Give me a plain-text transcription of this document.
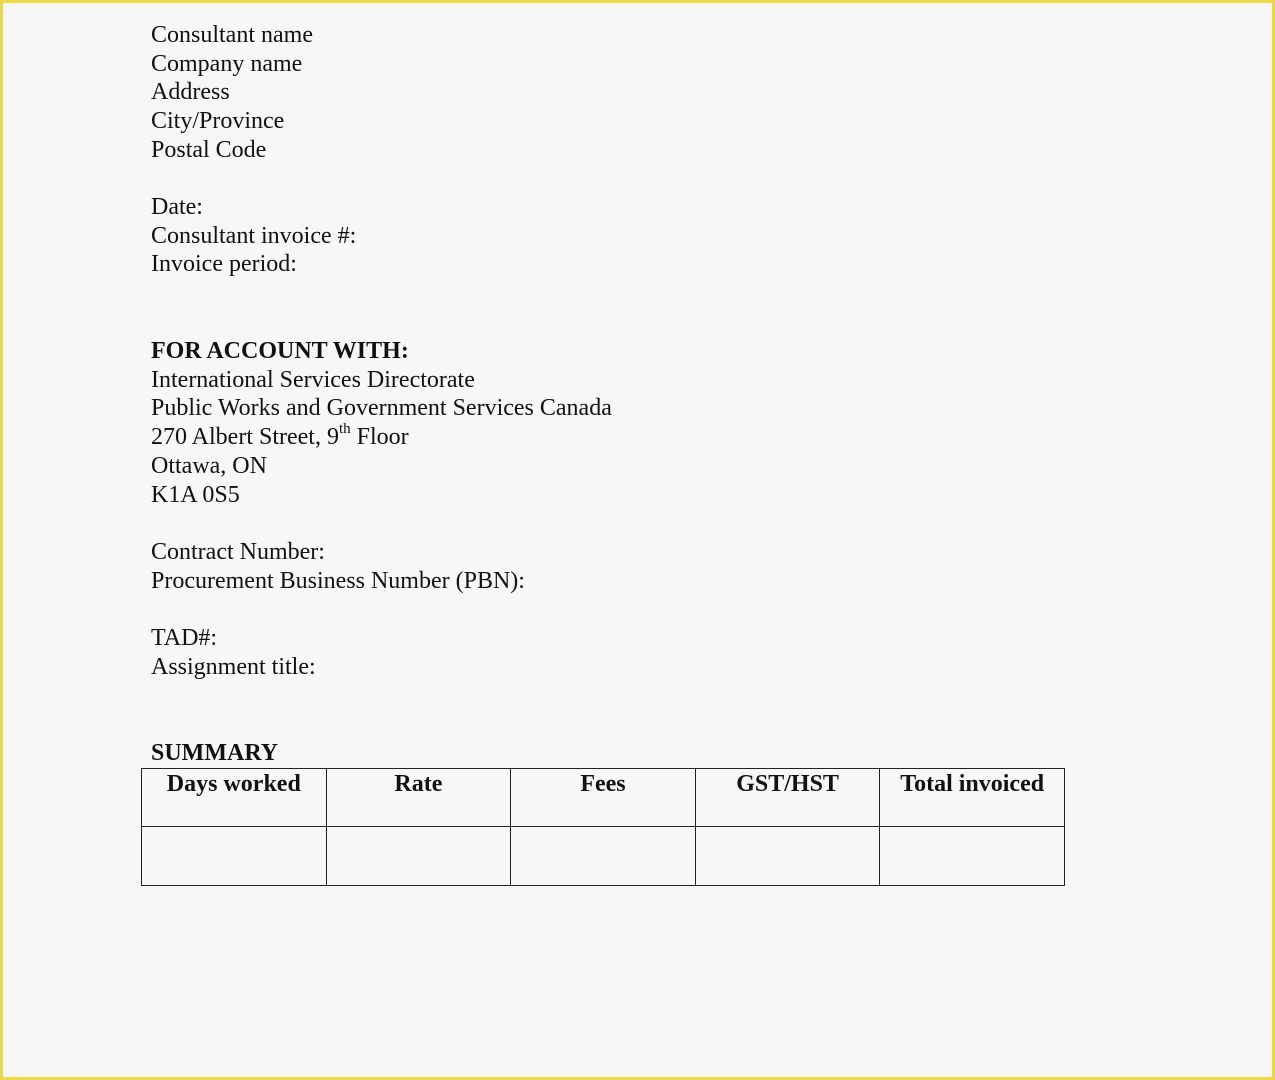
Consultant name
Company name
Address
City/Province
Postal Code
Date:
Consultant invoice #:
Invoice period:
FOR ACCOUNT WITH:
International Services Directorate
Public Works and Government Services Canada
270 Albert Street, 9th Floor
Ottawa, ON
K1A 0S5
Contract Number:
Procurement Business Number (PBN):
TAD#:
Assignment title:
SUMMARY
Days worked	Rate	Fees	GST/HST	Total invoiced
